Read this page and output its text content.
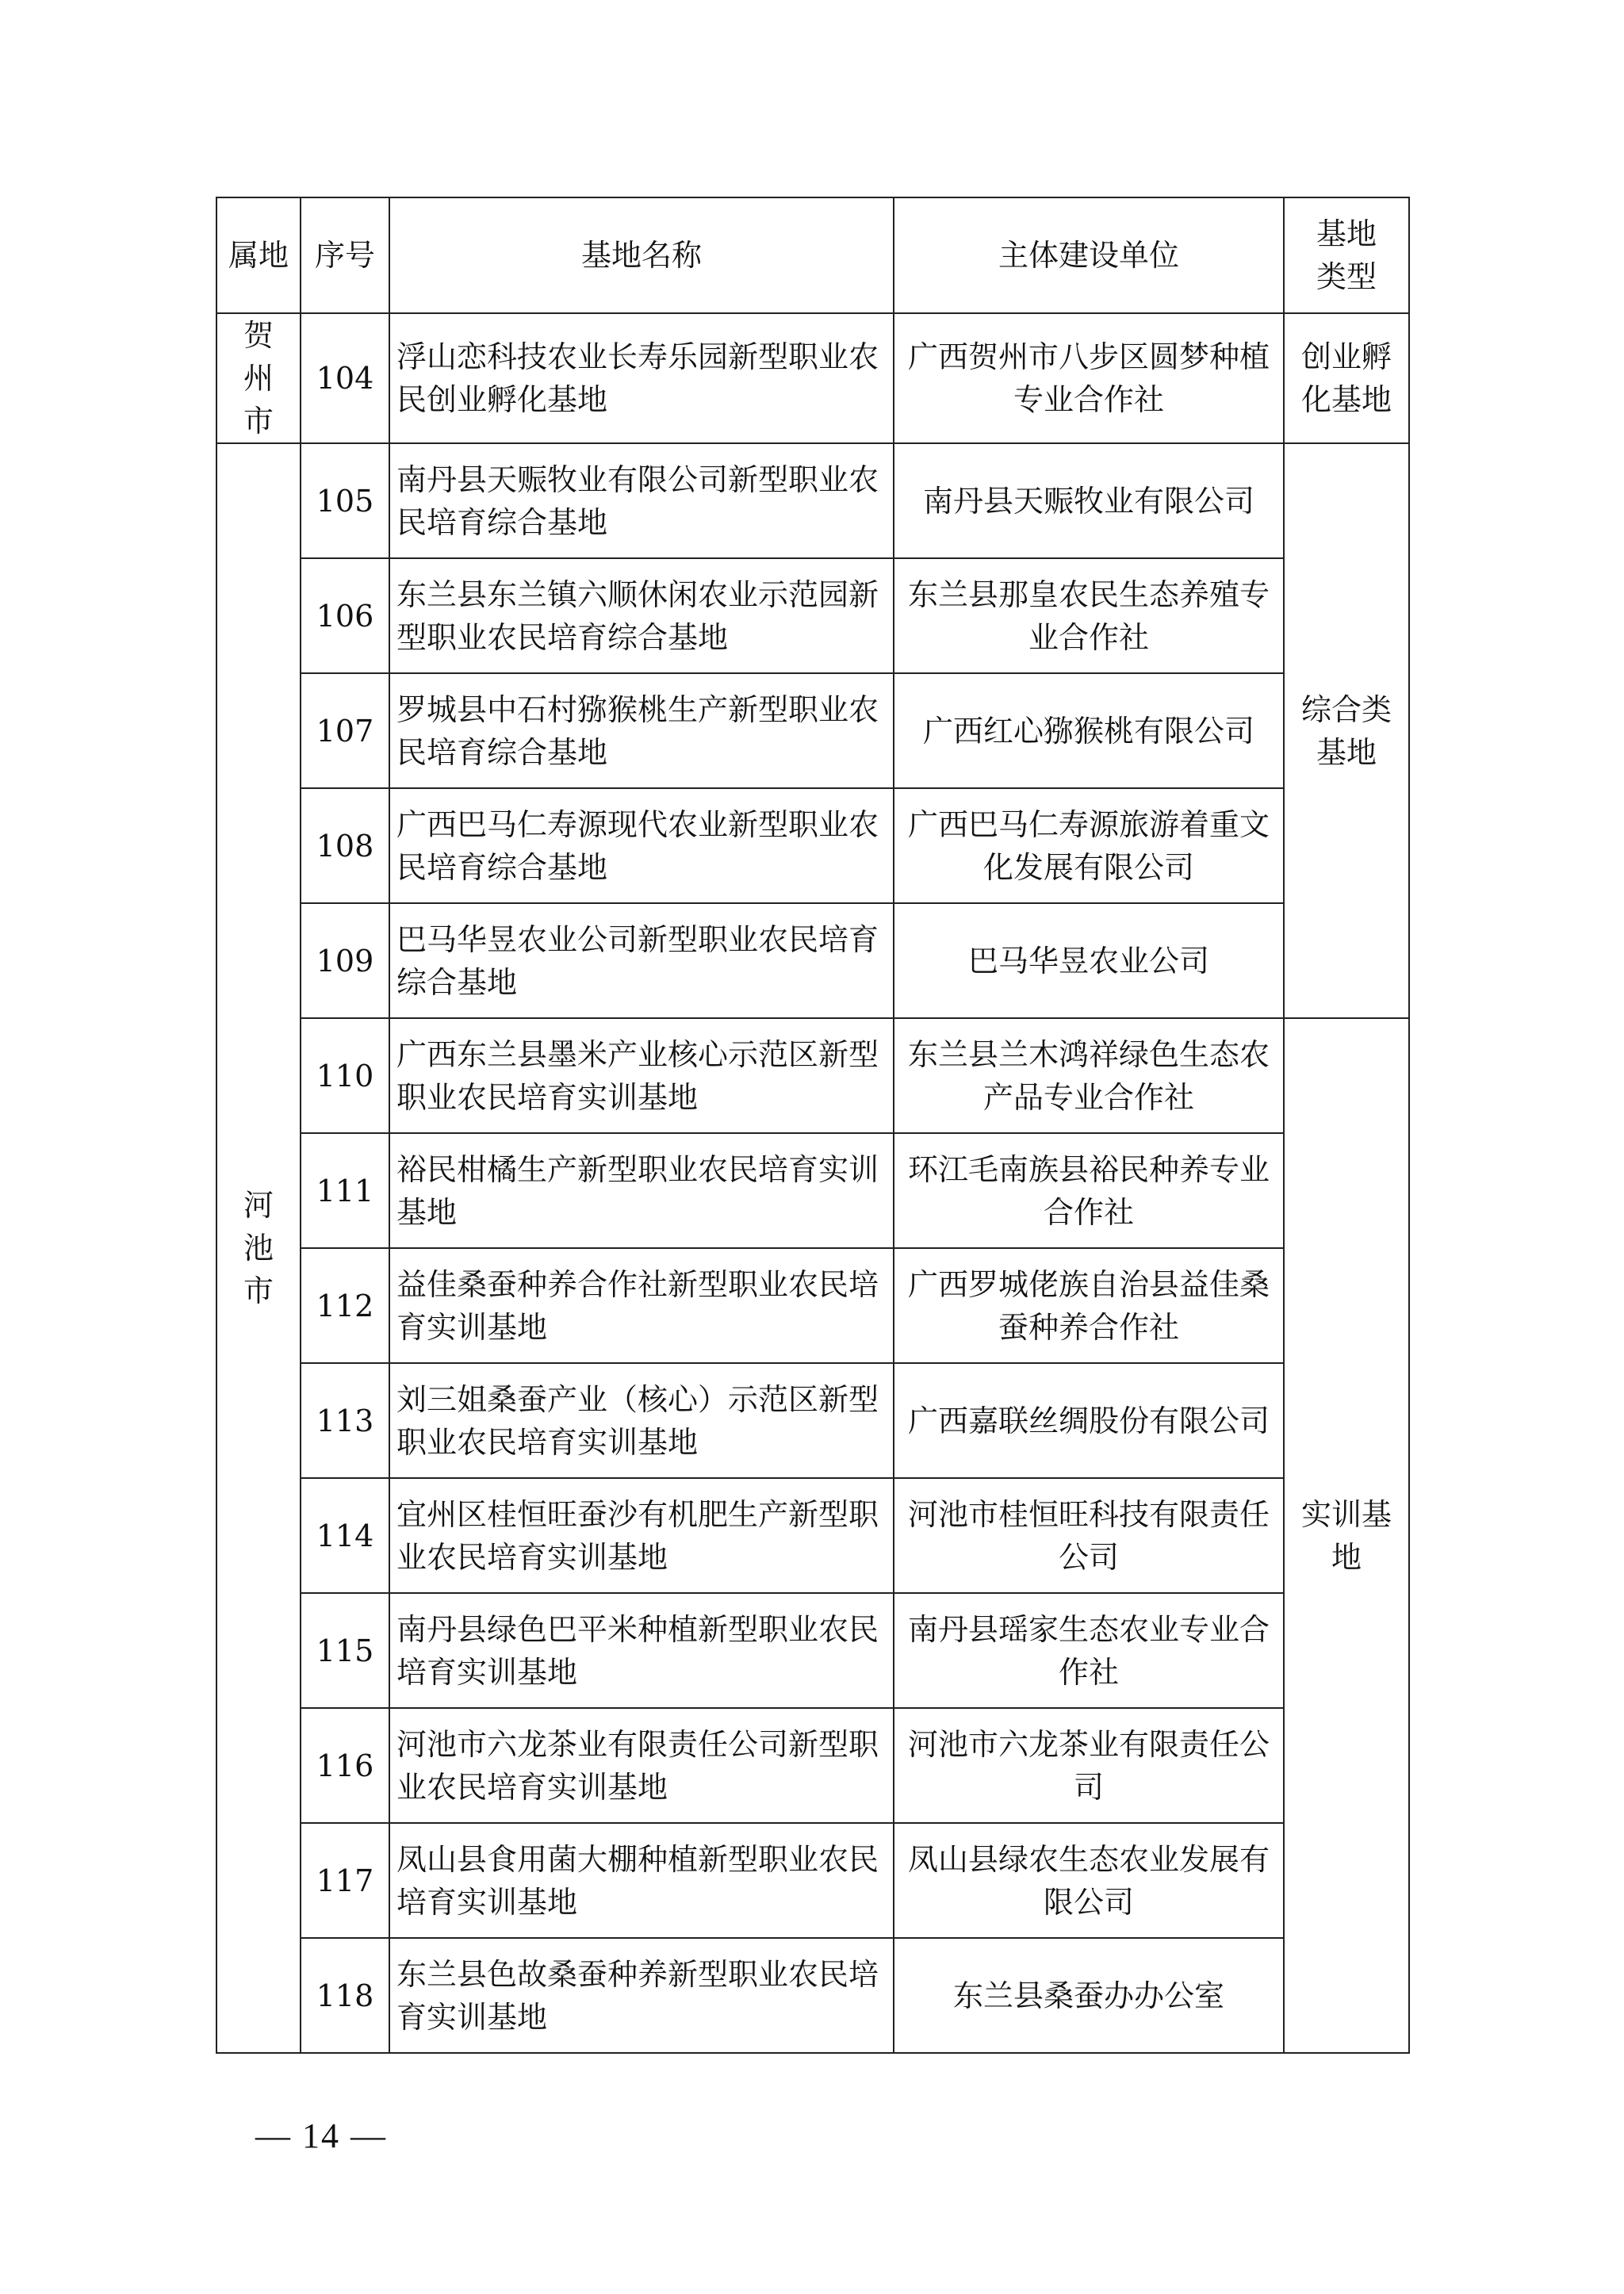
属地	序号	基地名称	主体建设单位	基地类型

贺州市	104	浮山恋科技农业长寿乐园新型职业农民创业孵化基地	广西贺州市八步区圆梦种植专业合作社	创业孵化基地

河池市	105	南丹县天赈牧业有限公司新型职业农民培育综合基地	南丹县天赈牧业有限公司	综合类基地

	106	东兰县东兰镇六顺休闲农业示范园新型职业农民培育综合基地	东兰县那皇农民生态养殖专业合作社	
	107	罗城县中石村猕猴桃生产新型职业农民培育综合基地	广西红心猕猴桃有限公司	
	108	广西巴马仁寿源现代农业新型职业农民培育综合基地	广西巴马仁寿源旅游着重文化发展有限公司	
	109	巴马华昱农业公司新型职业农民培育综合基地	巴马华昱农业公司	
	110	广西东兰县墨米产业核心示范区新型职业农民培育实训基地	东兰县兰木鸿祥绿色生态农产品专业合作社	实训基地

	111	裕民柑橘生产新型职业农民培育实训基地	环江毛南族县裕民种养专业合作社	
	112	益佳桑蚕种养合作社新型职业农民培育实训基地	广西罗城佬族自治县益佳桑蚕种养合作社	
	113	刘三姐桑蚕产业（核心）示范区新型职业农民培育实训基地	广西嘉联丝绸股份有限公司	
	114	宜州区桂恒旺蚕沙有机肥生产新型职业农民培育实训基地	河池市桂恒旺科技有限责任公司	
	115	南丹县绿色巴平米种植新型职业农民培育实训基地	南丹县瑶家生态农业专业合作社	
	116	河池市六龙茶业有限责任公司新型职业农民培育实训基地	河池市六龙茶业有限责任公司	
	117	凤山县食用菌大棚种植新型职业农民培育实训基地	凤山县绿农生态农业发展有限公司	
	118	东兰县色故桑蚕种养新型职业农民培育实训基地	东兰县桑蚕办办公室	
— 14 —
